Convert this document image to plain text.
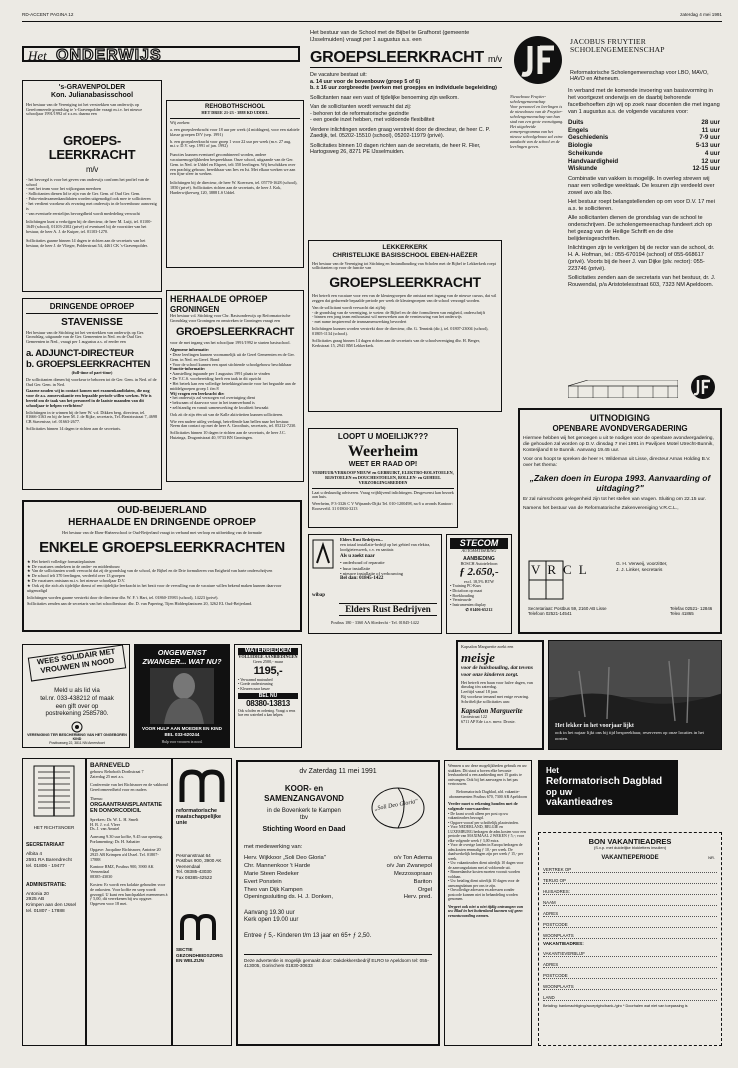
RD-ACCENT PAGINA 12	zaterdag 4 mei 1991
Het ONDERWIJS
's-GRAVENPOLDER
Kon. Julianabasisschool
Het bestuur van de Vereniging tot het verstrekken van onderwijs op Gereformeerde grondslag te 's-Gravenpolder vraagt m.i.v. het nieuwe schooljaar 1991/1992 of z.s.m. daarna een

GROEPS-LEERKRACHT
m/v

- het bevoegd is voor het geven van onderwijs conform het profiel van de school
- met het team voor het wijkorgaan meedoen
- Sollicitanten dienen lid te zijn van de Ger. Gem. of Oud Ger. Gem.
- Pabo-eindexamenkandidaten worden uitgenodigd ook mee te solliciteren
- het verdient voorkeur als ervaring met onderwijs in de bovenbouw aanwezig is
- van eventuele eerstelijns bevoegdheid wordt mededeling verwacht
Inlichtingen kunt u verkrijgen bij de directeur, de heer M. Luijt, tel. 01100-1649 (school), 01103-2302 (privé) of eventueel bij de voorzitter van het bestuur, de heer A. J. de Kuiper, tel. 01103-1270.
Sollicitaties gaarne binnen 14 dagen te richten aan de secretaris van het bestuur, de heer J. de Vlieger, Polderstraat 54, 4461 CK 's-Gravenpolder.
REHOBOTHSCHOOL
HET DREE 21-23 - 3888 KD UDDEL
Wij zoeken:
a. een groepsleerkracht voor 18 uur per week (4 middagen), voor een stabiele klasse groepen D/V (sep. 1991)
b. een groepsleerkracht voor groep 1 voor 22 uur per week (m.v. 27 aug. m.i.v. D.V. sep. 1991 of jan. 1992)
Functies kunnen eventueel gecombineerd worden, andere vacaturemogelijkheden bespreekbaar. Onze school, uitgaande van de Ger. Gem. in Ned. te Uddel en Elspeet, telt 350 leerlingen. Wij beschikken over een prachtig gebouw, bereikbaar van Ires en Ist. Met elkaar werken we aan een fijne sfeer in werken.
Inlichtingen bij de directeur, de heer W. Koerssen, tel. 05770-1628 (school), 1850 (privé). Sollicitaties richten aan de secretaris, de heer J. Kok, Harderwijkerweg 120, 3888 LS Uddel.
DRINGENDE OPROEP
STAVENISSE
Het bestuur van de Stichting tot het verstrekken van onderwijs op Ger. Grondslag, uitgaande van de Ger. Gemeenten in Ned. en de Oud Ger. Gemeenten in Ned., vraagt per 1 augustus a.s. of eerder een
a. ADJUNCT-DIRECTEUR
b. GROEPSLEERKRACHTEN
(full-time of part-time)
De sollicitanten dienen bij voorkeur te behoren tot de Ger. Gem. in Ned. of de Oud Ger. Gem. in Ned.
Gaarne zouden wij in contact komen met examenkandidaten, die nog voor de a.s. zomervakantie een bepaalde periode willen werken. Wie is bereid om de taak van het personeel in de laatste maanden van dit schooljaar te helpen verlichten?
Inlichtingen in te winnen bij de heer W. v.d. Dikken berg, directeur, tel. 01666-3163 en bij de heer M. J. de Rijke, secretaris, Tel.:Beatrixstraat 7, 4698 CB Stavenisse, tel. 01663-2677.
Sollicitaties binnen 14 dagen te richten aan de secretaris.
HERHAALDE OPROEP
GRONINGEN
Het bestuur v.d. Stichting voor Chr. Basisonderwijs op Reformatorische Grondslag voor Groningen en omstreken te Groningen vraagt een
GROEPSLEERKRACHT
voor de met ingang van het schooljaar 1991/1992 te starten basisschool.
Algemene informatie:
• Deze leerlingen kunnen voornamelijk uit de Gerel Gemeenten en de Ger. Gem. in Ned. en Geref. Bond
• Voor de school kunnen een apart stichtende schoolgebouw beschikbaar
Functie-informatie:
• Aanstelling ingaande per 1 augustus 1991 plaats te vinden
• De V.C.S. voorbereiding heeft een taak in dit opzicht
• Het betrek kan een volledige betrekkingsfunctie voor het begaafde aan de middelgroepen groep 1 t/m 8
Wij vragen een leerkracht die:
• het onderwijs zal verzorgen vol overtuiging dient
• bekwaam of daarvoor voor in het teamverband is
• zelfstandig en vanuit samenwerking de kwaliteit bewaakt
Ook zit de zijn één uit van de Kalle aktiviteiten kunnen solliciteren.
Wie een nadere uitleg verlangt, betreffende kan bellen naar het bestuur. Neem dan contact op met de heer A. Groothuis, secretaris, tel. 05212-7230.
Sollicitaties binnen 10 dagen te richten aan de secretaris, de heer J.C. Huizinga, Dragontstraat 40, 9733 BN Groningen.
Het bestuur van de School met de Bijbel te Grafhorst (gemeente IJsselmuiden) vraagt per 1 augustus a.s. een
GROEPSLEERKRACHT m/v
De vacature bestaat uit:
a. 14 uur voor de bovenbouw (groep 5 of 6)
b. ± 16 uur zorgbreedte (werken met groepjes en individuele begeleiding)
Sollicitanten naar een vast of tijdelijke benoeming zijn welkom.
Van de sollicitanten wordt verwacht dat zij:
- behoren tot de reformatorische gezindte
- een goede inzet hebben, met voldoende flexibiliteit
Verdere inlichtingen worden graag verstrekt door de directeur, de heer C. P. Zaedijk, tel. 05202-15510 (school), 05202-11979 (privé).
Sollicitaties binnen 10 dagen richten aan de secretaris, de heer R. Flier, Hartogsweg 26, 8271 PE IJsselmuiden.
LEKKERKERK
CHRISTELIJKE BASISSCHOOL EBEN-HAËZER
Het bestuur van de Vereniging tot Stichting en Instandhouding van Scholen met de Bijbel te Lekkerkerk roept sollicitanten op voor de functie van
GROEPSLEERKRACHT
Het betreft een vacature voor een van de kleutergroepen die ontstaat met ingang van de nieuwe cursus, dat wil zeggen dat gedurende bepaalde periode per week de kleutergroepen van de school verzorgd worden.
Van de sollicitant wordt verwacht dat zij/hij:
- de grondslag van de vereniging, te weten: de Bijbel en de drie formulieren van enigheid, onderschrijft
- binnen een jong team enthousiast wil meewerken aan de vernieuwing van het onderwijs
- met name inspirerend de teamsamenwerking bevordert
Inlichtingen kunnen worden verstrekt door de directeur, dhr. G. Tennink (dir.), tel. 01807-23004 (school), 01805-1134 (school).
Sollicitaties graag binnen 14 dagen richten aan de secretaris van de schoolvereniging dhr. H. Berger, Kerkstraat 15, 2941 BM Lekkerkerk.
JACOBUS FRUYTIER SCHOLENGEMEENSCHAP
Reformatorische Scholengemeenschap voor LBO, MAVO, HAVO en Atheneum.
Nieuwbouw Fruytier-scholengemeenschap
Voor personeel en leerlingen is de nieuwbouw van de Fruytier-scholengemeenschap van hun stad van een grote vooruitgang. Het uitgebreide zomerprogramma van het nieuwe schoolgebouw zal extra aandacht van de school en de leerlingen geven.
In verband met de komende invoering van basisvorming in het voortgezet onderwijs en de daarbij behorende facetbehoeften zijn wij op zoek naar docenten die met ingang van 1 augustus a.s. de volgende vacatures voor:
Duits	28 uur
Engels	11 uur
Geschiedenis	7-9 uur
Biologie	5-13 uur
Scheikunde	4 uur
Handvaardigheid	12 uur
Wiskunde	12-15 uur
Combinatie van vakken is mogelijk. In overleg streven wij naar een volledige weektaak. De lesuren zijn verdeeld over zowel avo als lbo.
Het bestuur roept belangstellenden op om voor D.V. 17 mei a.s. te solliciteren.
Alle sollicitanten dienen de grondslag van de school te onderschrijven. De scholengemeenschap fundeert zich op het gezag van de Heilige Schrift en de drie belijdenisgeschriften.
Inlichtingen zijn te verkrijgen bij de rector van de school, dr. H. A. Hofman, tel.: 055-670194 (school) of 055-668617 (privé). Voorts bij de heer J. van Dijke (plv. rector): 055-223746 (privé).
Sollicitaties zenden aan de secretaris van het bestuur, dr. J. Rouwendal, p/a Aristotelesstraat 603, 7323 NM Apeldoorn.
LOOPT U MOEILIJK???
Weerheim
WEET ER RAAD OP!
VERHUUR/VERKOOP NIEUW en GEBRUIKT, ELEKTRO-ROLSTOELEN, RIJSTOELEN en DOUCHESTOELEN, BOLLEN- en GEHEEL VERZORGINGSBEDDEN
Laat u deskundig adviseren. Vraag vrijblijvend inlichtingen. Desgewenst kan bezoek aan huis.
Weerheim, P 3-3326 C V Wijnands-Dijkt Tel. 010-1200498, na 6 u avonds Kantoor: Rooseveltl. 31 01804-3213
Elders Rust Bedrijven...
een totaal installatie-bedrijf op het gebied van elektra, loodgieterswerk, c.v. en sanitair.
Als u zoekt naar
• onderhoud of reparatie
• huur installatie
• nieuwe installatie of verbouwing
Bel dan: 01845-1422
wibap
Elders Rust Bedrijven
Postbus 180 - 3360 AA Sliedrecht - Tel. 01845-1422
STECOM
AUTOMATISERING
AANBIEDING
BOSCH Autotelefoon
ƒ 2.650,-
excl. 18,5% BTW
• Training PC-Kurs
• Dictafoon op maat
• Boekhouding
• Vernieuwde
• Instrumenten display
✆ 01406-65212
UITNODIGING
OPENBARE AVONDVERGADERING
Hiermee hebben wij het genoegen u uit te nodigen voor de openbare avondvergadering, die gehouden zal worden op D.V. dinsdag 7 mei 1991 in Paviljoen Motel Utrecht-Bunnik, Kosterijland 8 te Bunnik. Aanvang 19.45 uur.
Voor ons hoopt te spreken de heer H. Wildeman uit Lisse, directeur Arnas Holding B.V. over het thema:
„Zaken doen in Europa 1993. Aanvaarding of uitdaging?"
Er zal ruimschoots gelegenheid zijn tot het stellen van vragen. Sluiting om 22.15 uur.
Namens het bestuur van de Reformatorische Zakenvereniging V.R.C.L.,
VRCL	G. H. Verweij, voorzitter,
J. J. Linker, secretaris
Secretariaat: Postbus 59, 2160 AB Lisse Telefoon 02521-14541
Telefax 02521- 12846 Telex 41865
OUD-BEIJERLAND
HERHAALDE EN DRINGENDE OPROEP
Het bestuur van de Eben-Haëzerschool te Oud-Beijerland vraagt in verband met verloop en uitbreiding van de formatie
ENKELE GROEPSLEERKRACHTEN
★ Het betreft volledige formatieplaatsen
★ De vacatures omhelzen in de onder- en middenbouw
★ Van de sollicitanten wordt verwacht dat zij de grondslag van de school, de Bijbel en de Drie formulieren van Enigheid van harte onderschrijven
★ De school telt 370 leerlingen, verdeeld over 13 groepen
★ De vacatures ontstaan m.i.v. het nieuwe schooljaar D.V.
★ Ook zij die zich als tijdelijke dienst of een tijdelijke leerkracht in het bezit voor de vervulling van de vacature willen bekend maken kunnen daarvoor uitgenodigd
Inlichtingen worden gaarne verstrekt door de directeur dhr. W. F. 't Hart, tel. 01860-15983 (school), 14223 (privé).
Sollicitaties zenden aan de secretaris van het schoolbestuur: dhr. D. van Papering, Tijen Hiddesplantsoen 20, 3262 EL Oud-Beijerland.
Kapsalon Marguerite zoekt een
meisje
voor de huishouding, dat tevens voor onze kinderen zorgt.
Het betreft een baan voor halve dagen, van dinsdag t/m zaterdag.
Leeftijd vanaf 18 jaar.
Bij voorkeur iemand met enige ervaring. Schriftelijke sollicitaties aan:
Kapsalon Marguerite
Grotestraat 122
6711 AP Ede t.a.v. mevr. Droste.
Het lekker in het voorjaar lijkt
ook in het najaar lijkt ons bij tijd bespreekbaar, reserveren op onze locaties in het oosten.
WEES SOLIDAIR MET VROUWEN IN NOOD
Meld u als lid via
tel.nr. 033-438212 of maak
een gift over op
postrekening 2585780.
VERENIGING TER BESCHERMING VAN HET ONGEBOREN KIND
Postbusweg 22, 3811 NN Amersfoort
ONGEWENST ZWANGER... WAT NU?
VOOR HULP AAN MOEDER EN KIND BEL 033-620244
Hulp voor vrouwen in nood.
WATERBEDDEN
VOLLEDIGE AANBIEDINGEN
Geen 2500,- maar
1195,-
• Verwarmd matrasbed
• Goede ondersteuning
• Kleuren naar keuze
BEL NU
08380-13813
Ook scholen en ordening. Vraagt u eens hoe een waterbed u kan helpen.
dv Zaterdag 11 mei 1991
KOOR- en SAMENZANGAVOND
in de Bovenkerk te Kampen
tbv
Stichting Woord en Daad
„Soli Deo Gloria"
met medewerking van:
Herv. Wijkkoor „Soli Deo Gloria"	o/v Ton Adema
Chr. Mannenkoor 't Harde	o/v Jan Zwanepol
Marie Steen Redeker	Mezzosopraan
Evert Ponstein	Bariton
Theo van Dijk Kampen	Orgel
Openingssluiting ds. H. J. Donken,	Herv. pred.
Aanvang 19.30 uur
Kerk open 19.00 uur
Entree ƒ 5,- Kinderen t/m 13 jaar en 65+ ƒ 2,50.
Deze advertentie is mogelijk gemaakt door: Dakdekkersbedrijf ELRO te Apeldoorn tel: 055-413005, Gorinchem 01830-30633
HET RICHTSNOER
SECRETARIAAT
Albita 4
2591 RA Barendrecht
tel. 01806 - 19477
ADMINISTRATIE:
Antonia 20
2925 AB
Krimpen aan den IJssel
tel. 01807 - 17888
BARNEVELD
gebouw Rehoboth Dorthstraat 7
Zaterdag 25 mei a.s.
Conferentie van het Richtsnoer en de vakbond Gereformeerdheid voor en ouders
Thema:
ORGAANTRANSPLANTATIE EN DONORCODICIL
Sprekers: Dr. W. L. H. Smelt
H. B. J. v.d. Vleer
Ds. J. van Amstel
Aanvang 9.30 uur koffie, 9.45 uur opening.
Porlamenting: Dr. H. Sabatier
Opgave: Jacquline Richtsnoer, Antoine 20 2925 AB Krimpen a/d IJssel. Tel. 01807-17888
Kantoor RMZ, Postbus 900, 3900 AK Veenendaal
08385-43030
Kosten: Er wordt een kolakte gehouden voor de onkosten. Voor koffie en soep wordt gezorgd. U kunt een lunchpakket meenemen à ƒ 5,00, dit verrekenen bij uw opgave. Opgeven voor 18 mei.
reformatorische maatschappelijke unie
Pesmanstraat 64
Postbus 900, 3900 AK Veenendaal
Tel. 08385-43030
Fax 08385-42522
SECTIE
GEZONDHEIDSZORG
EN WELZIJN
Wennen u uw deze mogelijkheden gebruik en uw stukken. Dit staat u boven elke bewuste leesbaarheid u een aanbieding met 15 gratis te ontvangen. Ook bij het aanvragen is het pas vertrouwen.
Reformatorisch Dagblad, afd. vakantie-abonnementen Postbus 670, 7300 AR Apeldoorn
Verder moet u rekening houden met de volgende voorwaarden:
• De krant wordt alleen per post op uw vakantieadres bezorgd.
• Opgave vooraf per schriftelijk plaatsvinden.
• Voor NEDERLAND, BELGIË en LUXEMBURG bedragen de adm.kosten voor een periode van MAXIMAAL 2 WEKEN ƒ 5,-; voor elke volgende week ƒ 3,00 extra.
• Voor de overige landen in Europa bedragen de adm.kosten eenmalig ƒ 10,- per week. De daadwerkelijk bedragen zijn per week ƒ 15,- per week.
• Uw vakantieadres dient uiterlijk 10 dagen voor de aanvangsdatum met al voldoende uit.
• Binnenlandse kosten moeten vooruit worden voldaan.
• Uw betaling dient uiterlijk 10 dagen voor de aanvangsdatum per ons te zijn.
• Onvolledige adressen en adressen zonder postcode kunnen niet in behandeling worden genomen.
Vergeet ook niet u niet tijdig ontvangen van uw Blad in het buitenland kunnen wij geen verantwoording nemen.
Het
Reformatorisch Dagblad
op uw
vakantieadres
BON VAKANTIEADRES
(S.v.p. met duidelijke blokletters invullen)
VAKANTIEPERIODE	NR.
VERTREK OP
TERUG OP
HUISADRES:
NAAM
ADRES
POSTCODE
WOONPLAATS
VAKANTIEADRES:
VAKANTIEVERBLIJF
ADRES
POSTCODE
WOONPLAATS
LAND
Betaling: bankmachtiging/acceptgiro/bank-/giro * Doorhalen wat niet van toepassing is
